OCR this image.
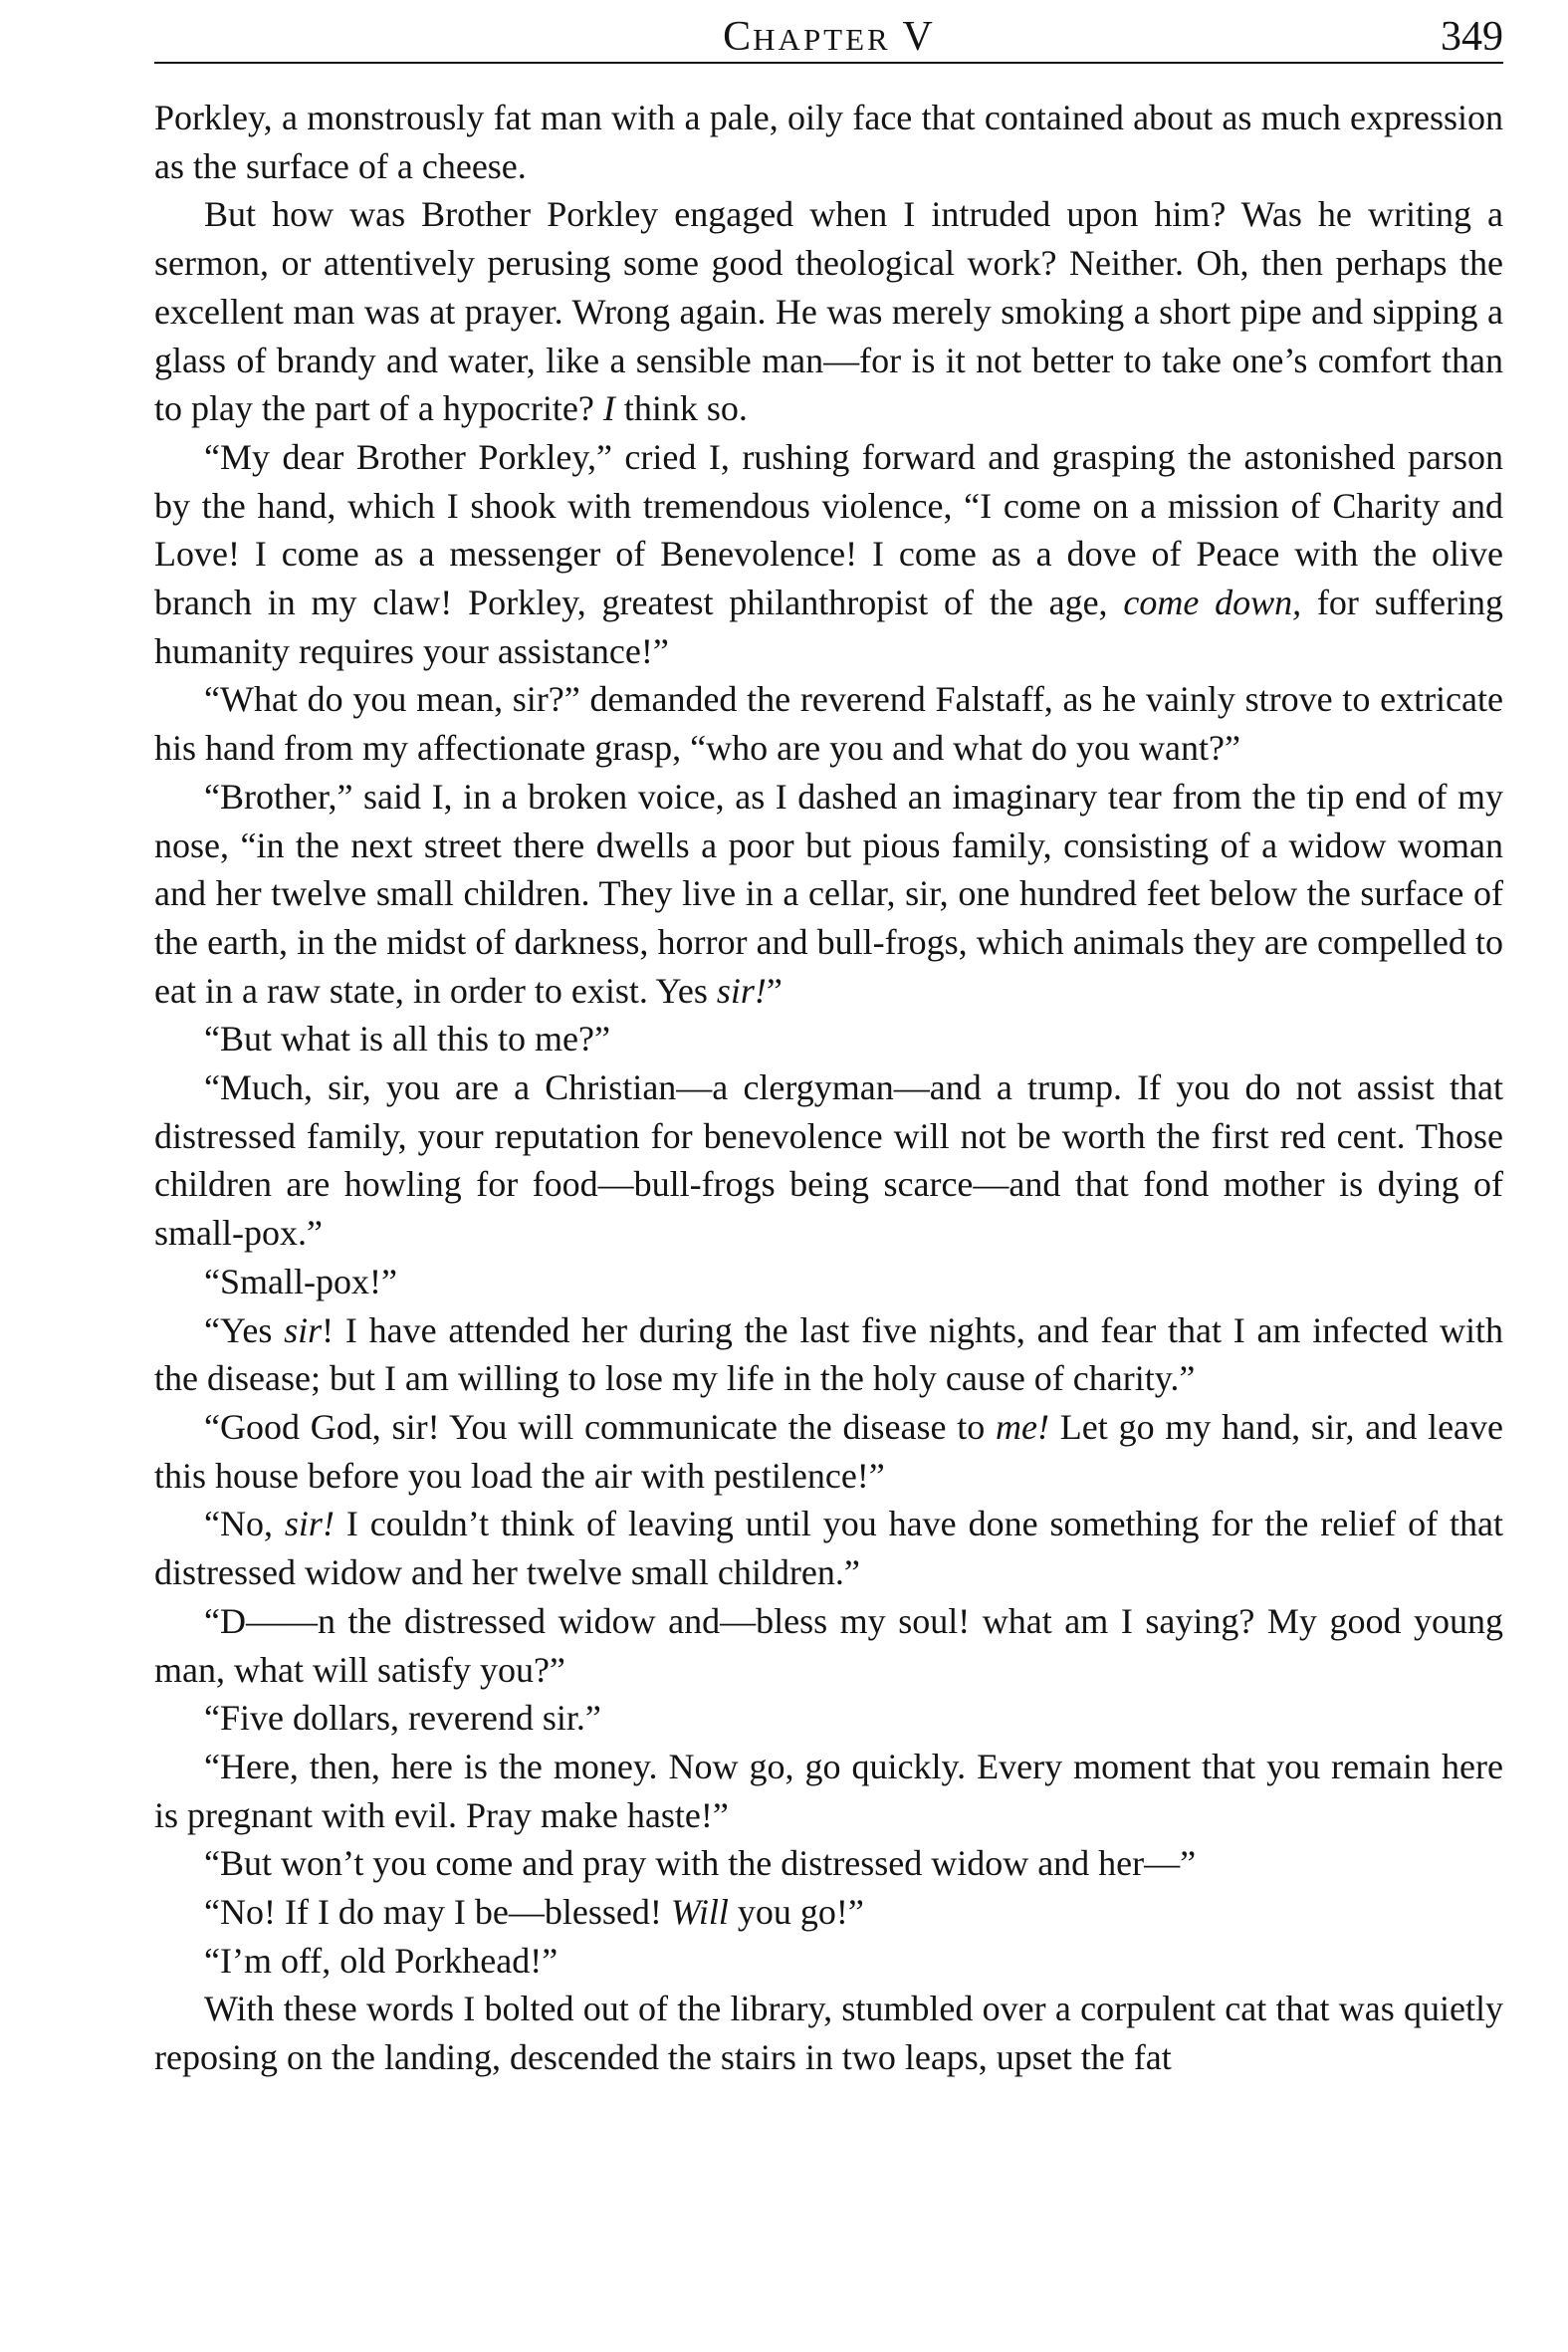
CHAPTER V	349

Porkley, a monstrously fat man with a pale, oily face that contained about as much expression as the surface of a cheese.

But how was Brother Porkley engaged when I intruded upon him? Was he writing a sermon, or attentively perusing some good theological work? Neither. Oh, then perhaps the excellent man was at prayer. Wrong again. He was merely smoking a short pipe and sipping a glass of brandy and water, like a sensible man—for is it not better to take one’s comfort than to play the part of a hypocrite? I think so.

“My dear Brother Porkley,” cried I, rushing forward and grasping the astonished parson by the hand, which I shook with tremendous violence, “I come on a mission of Charity and Love! I come as a messenger of Benevolence! I come as a dove of Peace with the olive branch in my claw! Porkley, greatest philanthropist of the age, come down, for suffering humanity requires your assistance!”

“What do you mean, sir?” demanded the reverend Falstaff, as he vainly strove to extricate his hand from my affectionate grasp, “who are you and what do you want?”

“Brother,” said I, in a broken voice, as I dashed an imaginary tear from the tip end of my nose, “in the next street there dwells a poor but pious family, consisting of a widow woman and her twelve small children. They live in a cellar, sir, one hundred feet below the surface of the earth, in the midst of darkness, horror and bull-frogs, which animals they are compelled to eat in a raw state, in order to exist. Yes sir!”

“But what is all this to me?”

“Much, sir, you are a Christian—a clergyman—and a trump. If you do not assist that distressed family, your reputation for benevolence will not be worth the first red cent. Those children are howling for food—bull-frogs being scarce—and that fond mother is dying of small-pox.”

“Small-pox!”

“Yes sir! I have attended her during the last five nights, and fear that I am infected with the disease; but I am willing to lose my life in the holy cause of charity.”

“Good God, sir! You will communicate the disease to me! Let go my hand, sir, and leave this house before you load the air with pestilence!”

“No, sir! I couldn’t think of leaving until you have done something for the relief of that distressed widow and her twelve small children.”

“D——n the distressed widow and—bless my soul! what am I saying? My good young man, what will satisfy you?”

“Five dollars, reverend sir.”

“Here, then, here is the money. Now go, go quickly. Every moment that you remain here is pregnant with evil. Pray make haste!”

“But won’t you come and pray with the distressed widow and her—”

“No! If I do may I be—blessed! Will you go!”

“I’m off, old Porkhead!”

With these words I bolted out of the library, stumbled over a corpulent cat that was quietly reposing on the landing, descended the stairs in two leaps, upset the fat
